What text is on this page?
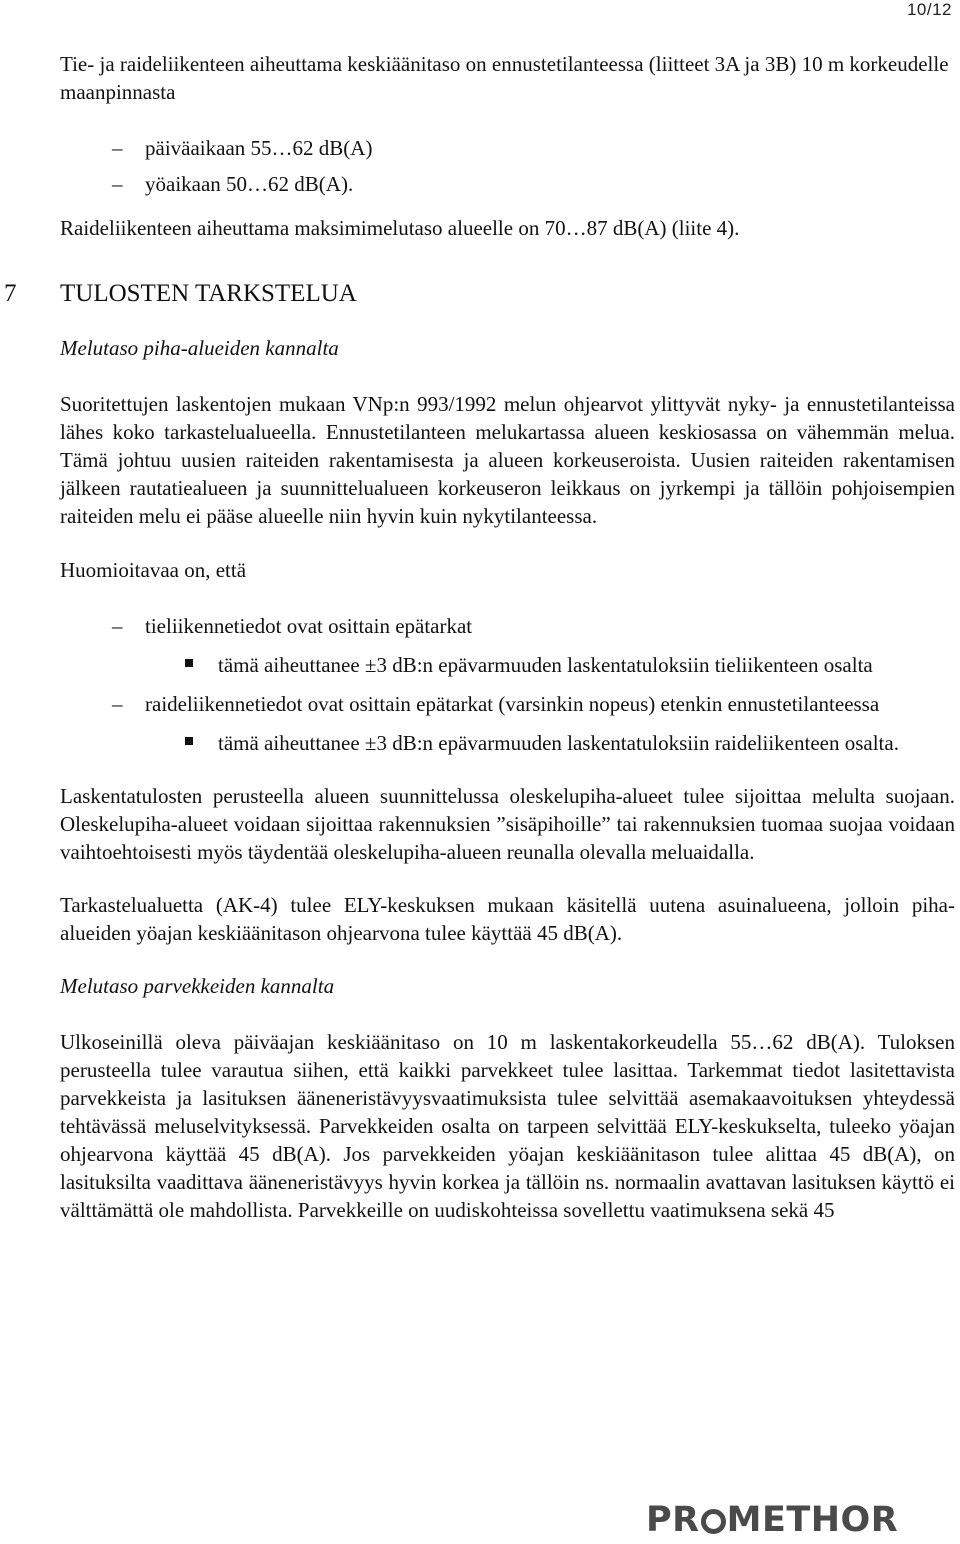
10/12

Tie- ja raideliikenteen aiheuttama keskiäänitaso on ennustetilanteessa (liitteet 3A ja 3B) 10 m korkeudelle maanpinnasta

– päiväaikaan 55…62 dB(A)
– yöaikaan 50…62 dB(A).

Raideliikenteen aiheuttama maksimimelutaso alueelle on 70…87 dB(A) (liite 4).

7 TULOSTEN TARKSTELUA
Melutaso piha-alueiden kannalta

Suoritettujen laskentojen mukaan VNp:n 993/1992 melun ohjearvot ylittyvät nyky- ja ennustetilanteissa lähes koko tarkastelualueella. Ennustetilanteen melukartassa alueen keskiosassa on vähemmän melua. Tämä johtuu uusien raiteiden rakentamisesta ja alueen korkeuseroista. Uusien raiteiden rakentamisen jälkeen rautatiealueen ja suunnittelualueen korkeuseron leikkaus on jyrkempi ja tällöin pohjoisempien raiteiden melu ei pääse alueelle niin hyvin kuin nykytilanteessa.

Huomioitavaa on, että

– tieliikennetiedot ovat osittain epätarkat
tämä aiheuttanee ±3 dB:n epävarmuuden laskentatuloksiin tieliikenteen osalta
– raideliikennetiedot ovat osittain epätarkat (varsinkin nopeus) etenkin ennustetilanteessa
tämä aiheuttanee ±3 dB:n epävarmuuden laskentatuloksiin raideliikenteen osalta.

Laskentatulosten perusteella alueen suunnittelussa oleskelupiha-alueet tulee sijoittaa melulta suojaan. Oleskelupiha-alueet voidaan sijoittaa rakennuksien ”sisäpihoille” tai rakennuksien tuomaa suojaa voidaan vaihtoehtoisesti myös täydentää oleskelupiha-alueen reunalla olevalla meluaidalla.

Tarkastelualuetta (AK-4) tulee ELY-keskuksen mukaan käsitellä uutena asuinalueena, jolloin piha-alueiden yöajan keskiäänitason ohjearvona tulee käyttää 45 dB(A).

Melutaso parvekkeiden kannalta

Ulkoseinillä oleva päiväajan keskiäänitaso on 10 m laskentakorkeudella 55…62 dB(A). Tuloksen perusteella tulee varautua siihen, että kaikki parvekkeet tulee lasittaa. Tarkemmat tiedot lasitettavista parvekkeista ja lasituksen ääneneristävyysvaatimuksista tulee selvittää asemakaavoituksen yhteydessä tehtävässä meluselvityksessä. Parvekkeiden osalta on tarpeen selvittää ELY-keskukselta, tuleeko yöajan ohjearvona käyttää 45 dB(A). Jos parvekkeiden yöajan keskiäänitason tulee alittaa 45 dB(A), on lasituksilta vaadittava ääneneristävyys hyvin korkea ja tällöin ns. normaalin avattavan lasituksen käyttö ei välttämättä ole mahdollista. Parvekkeille on uudiskohteissa sovellettu vaatimuksena sekä 45

PR METHOR
